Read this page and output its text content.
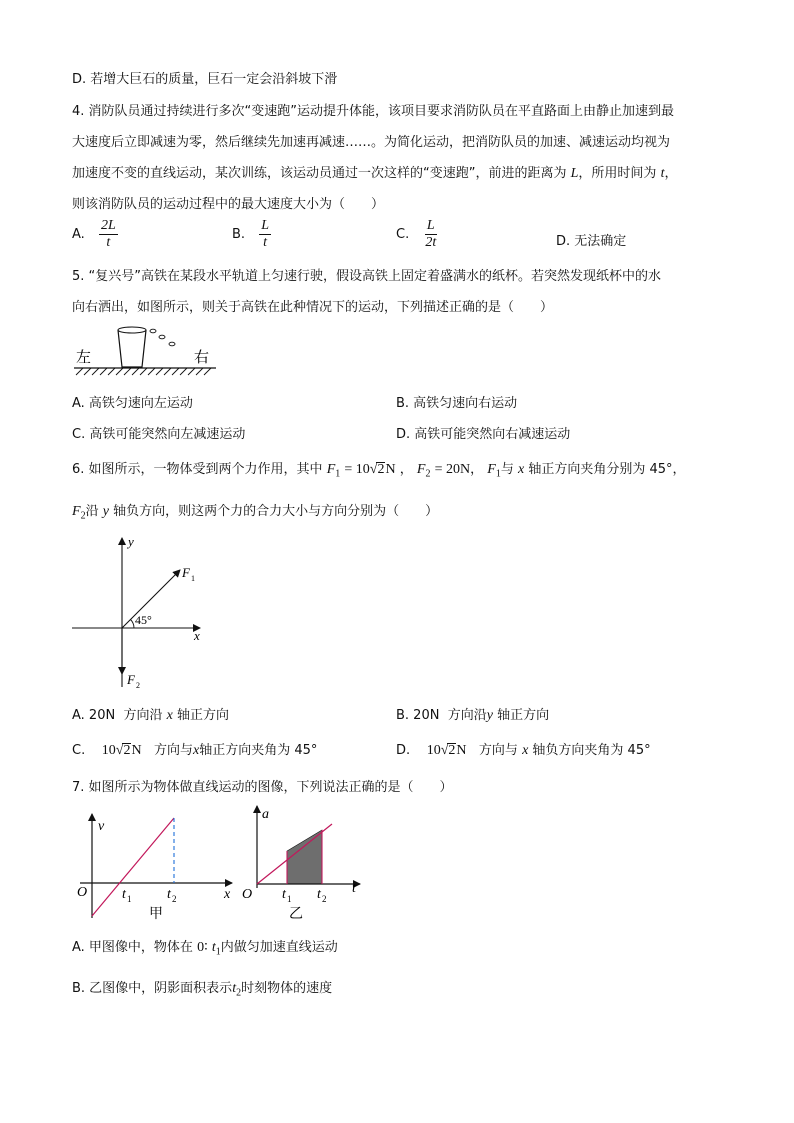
D. 若增大巨石的质量，巨石一定会沿斜坡下滑
4. 消防队员通过持续进行多次“变速跑”运动提升体能，该项目要求消防队员在平直路面上由静止加速到最
大速度后立即减速为零，然后继续先加速再减速……。为简化运动，把消防队员的加速、减速运动均视为
加速度不变的直线运动，某次训练，该运动员通过一次这样的“变速跑”，前进的距离为 L，所用时间为 t，
则该消防队员的运动过程中的最大速度大小为（　　）
A. $\frac{2L}{t}$	B. $\frac{L}{t}$	C. $\frac{L}{2t}$	D. 无法确定
5. “复兴号”高铁在某段水平轨道上匀速行驶，假设高铁上固定着盛满水的纸杯。若突然发现纸杯中的水
向右洒出，如图所示，则关于高铁在此种情况下的运动，下列描述正确的是（　　）
左	右
A. 高铁匀速向左运动	B. 高铁匀速向右运动
C. 高铁可能突然向左减速运动	D. 高铁可能突然向右减速运动
6. 如图所示，一物体受到两个力作用，其中 $F_1 = 10√2N$ ， $F_2 = 20N$， $F_1$与 x 轴正方向夹角分别为 45°，
$F_2$沿 y 轴负方向，则这两个力的合力大小与方向分别为（　　）
45°
y
x
F 1
F 2
A. 20N 方向沿 x 轴正方向	B. 20N 方向沿y 轴正方向
C. 10√2N 方向与x轴正方向夹角为 45°	D. 10√2N 方向与 x 轴负方向夹角为 45°
7. 如图所示为物体做直线运动的图像，下列说法正确的是（　　）
v
O t 1	t 2	x
甲
a
O t 1 t 2
t
乙
A. 甲图像中，物体在 0∶ $t_1$内做匀加速直线运动
B. 乙图像中，阴影面积表示$t_2$时刻物体的速度
